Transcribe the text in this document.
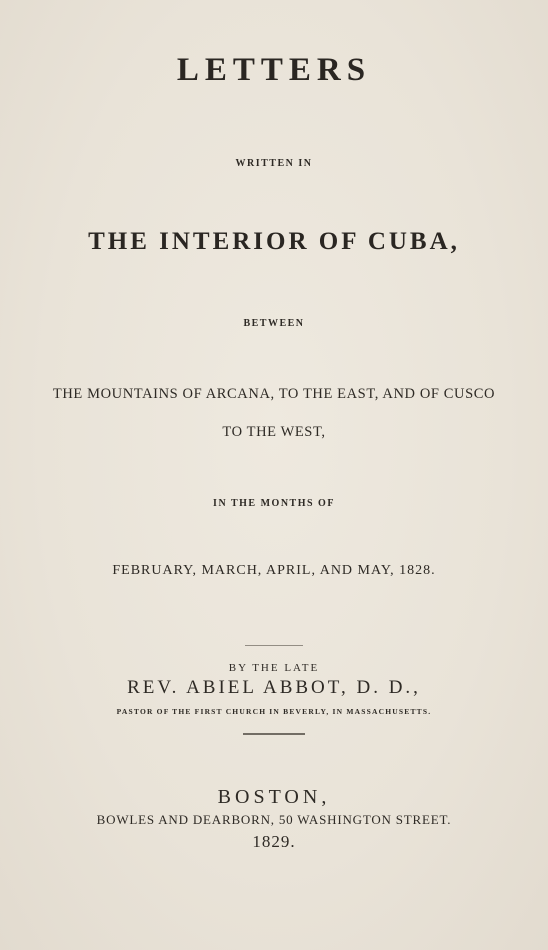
LETTERS
WRITTEN IN
THE INTERIOR OF CUBA,
BETWEEN
THE MOUNTAINS OF ARCANA, TO THE EAST, AND OF CUSCO
TO THE WEST,
IN THE MONTHS OF
FEBRUARY, MARCH, APRIL, AND MAY, 1828.
BY THE LATE
REV. ABIEL ABBOT, D. D.,
PASTOR OF THE FIRST CHURCH IN BEVERLY, IN MASSACHUSETTS.
BOSTON,
BOWLES AND DEARBORN, 50 WASHINGTON STREET.
1829.
